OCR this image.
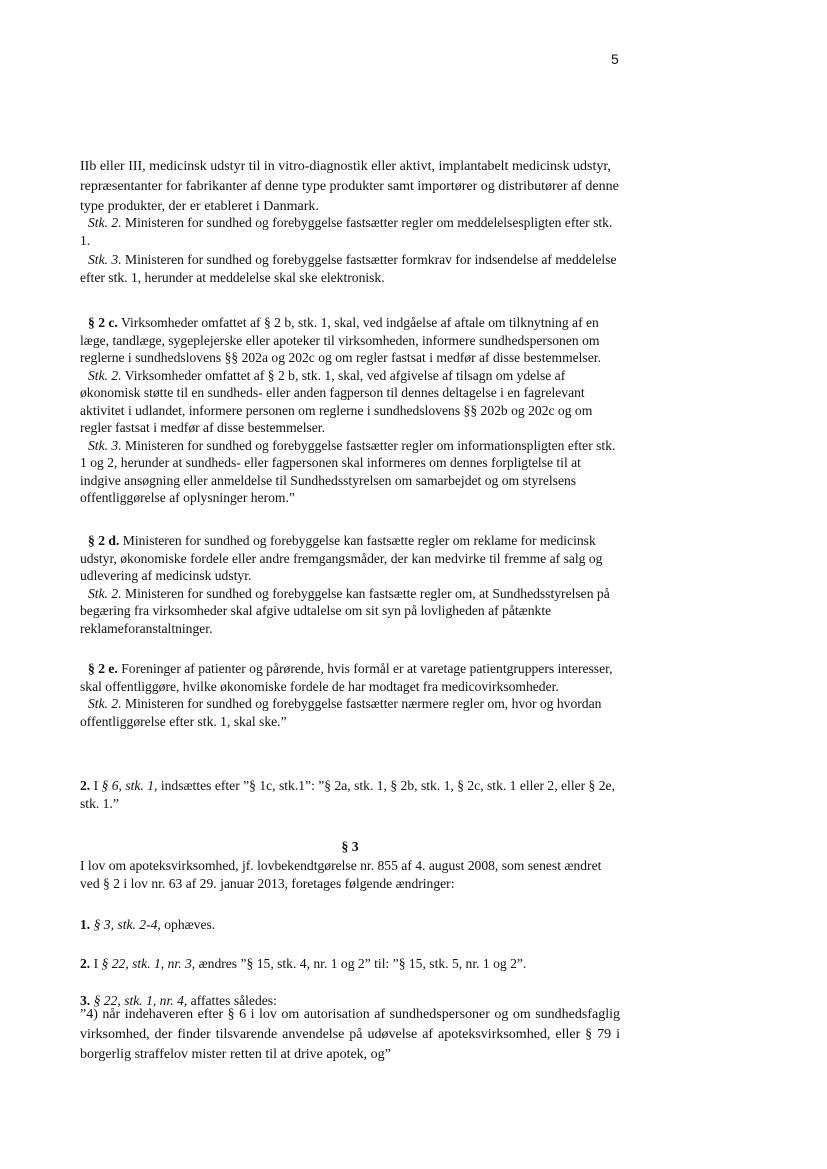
5

IIb eller III, medicinsk udstyr til in vitro-diagnostik eller aktivt, implantabelt medicinsk udstyr, repræsentanter for fabrikanter af denne type produkter samt importører og distributører af denne type produkter, der er etableret i Danmark.

Stk. 2. Ministeren for sundhed og forebyggelse fastsætter regler om meddelelsespligten efter stk. 1.

Stk. 3. Ministeren for sundhed og forebyggelse fastsætter formkrav for indsendelse af meddelelse efter stk. 1, herunder at meddelelse skal ske elektronisk.

§ 2 c. Virksomheder omfattet af § 2 b, stk. 1, skal, ved indgåelse af aftale om tilknytning af en læge, tandlæge, sygeplejerske eller apoteker til virksomheden, informere sundhedspersonen om reglerne i sundhedslovens §§ 202a og 202c og om regler fastsat i medfør af disse bestemmelser.

Stk. 2. Virksomheder omfattet af § 2 b, stk. 1, skal, ved afgivelse af tilsagn om ydelse af økonomisk støtte til en sundheds- eller anden fagperson til dennes deltagelse i en fagrelevant aktivitet i udlandet, informere personen om reglerne i sundhedslovens §§ 202b og 202c og om regler fastsat i medfør af disse bestemmelser.

Stk. 3. Ministeren for sundhed og forebyggelse fastsætter regler om informationspligten efter stk. 1 og 2, herunder at sundheds- eller fagpersonen skal informeres om dennes forpligtelse til at indgive ansøgning eller anmeldelse til Sundhedsstyrelsen om samarbejdet og om styrelsens offentliggørelse af oplysninger herom.”

§ 2 d. Ministeren for sundhed og forebyggelse kan fastsætte regler om reklame for medicinsk udstyr, økonomiske fordele eller andre fremgangsmåder, der kan medvirke til fremme af salg og udlevering af medicinsk udstyr.

Stk. 2. Ministeren for sundhed og forebyggelse kan fastsætte regler om, at Sundhedsstyrelsen på begæring fra virksomheder skal afgive udtalelse om sit syn på lovligheden af påtænkte reklameforanstaltninger.

§ 2 e. Foreninger af patienter og pårørende, hvis formål er at varetage patientgruppers interesser, skal offentliggøre, hvilke økonomiske fordele de har modtaget fra medicovirksomheder.

Stk. 2. Ministeren for sundhed og forebyggelse fastsætter nærmere regler om, hvor og hvordan offentliggørelse efter stk. 1, skal ske.”

2. I § 6, stk. 1, indsættes efter ”§ 1c, stk.1”: ”§ 2a, stk. 1, § 2b, stk. 1, § 2c, stk. 1 eller 2, eller § 2e, stk. 1.”

§ 3

I lov om apoteksvirksomhed, jf. lovbekendtgørelse nr. 855 af 4. august 2008, som senest ændret ved § 2 i lov nr. 63 af 29. januar 2013, foretages følgende ændringer:

1. § 3, stk. 2-4, ophæves.

2. I § 22, stk. 1, nr. 3, ændres ”§ 15, stk. 4, nr. 1 og 2” til: ”§ 15, stk. 5, nr. 1 og 2”.

3. § 22, stk. 1, nr. 4, affattes således:

”4) når indehaveren efter § 6 i lov om autorisation af sundhedspersoner og om sundhedsfaglig virksomhed, der finder tilsvarende anvendelse på udøvelse af apoteksvirksomhed, eller § 79 i borgerlig straffelov mister retten til at drive apotek, og”
